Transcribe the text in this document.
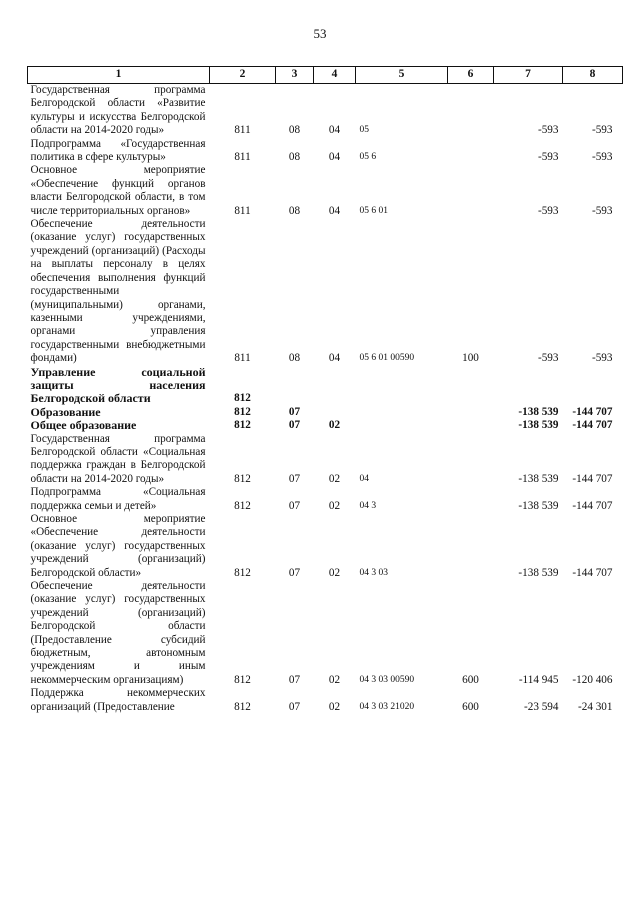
53
1	2	3	4	5	6	7	8
Государственная программа Белгородской области «Развитие культуры и искусства Белгородской области на 2014-2020 годы»	811	08	04	05		-593	-593
Подпрограмма «Государственная политика в сфере культуры»	811	08	04	05 6		-593	-593
Основное мероприятие «Обеспечение функций органов власти Белгородской области, в том числе территориальных органов»	811	08	04	05 6 01		-593	-593
Обеспечение деятельности (оказание услуг) государственных учреждений (организаций) (Расходы на выплаты персоналу в целях обеспечения выполнения функций государственными (муниципальными) органами, казенными учреждениями, органами управления государственными внебюджетными фондами)	811	08	04	05 6 01 00590	100	-593	-593
Управление социальной защиты населения Белгородской области	812						
Образование	812	07				-138 539	-144 707
Общее образование	812	07	02			-138 539	-144 707
Государственная программа Белгородской области «Социальная поддержка граждан в Белгородской области на 2014-2020 годы»	812	07	02	04		-138 539	-144 707
Подпрограмма «Социальная поддержка семьи и детей»	812	07	02	04 3		-138 539	-144 707
Основное мероприятие «Обеспечение деятельности (оказание услуг) государственных учреждений (организаций) Белгородской области»	812	07	02	04 3 03		-138 539	-144 707
Обеспечение деятельности (оказание услуг) государственных учреждений (организаций) Белгородской области (Предоставление субсидий бюджетным, автономным учреждениям и иным некоммерческим организациям)	812	07	02	04 3 03 00590	600	-114 945	-120 406
Поддержка некоммерческих организаций (Предоставление	812	07	02	04 3 03 21020	600	-23 594	-24 301
